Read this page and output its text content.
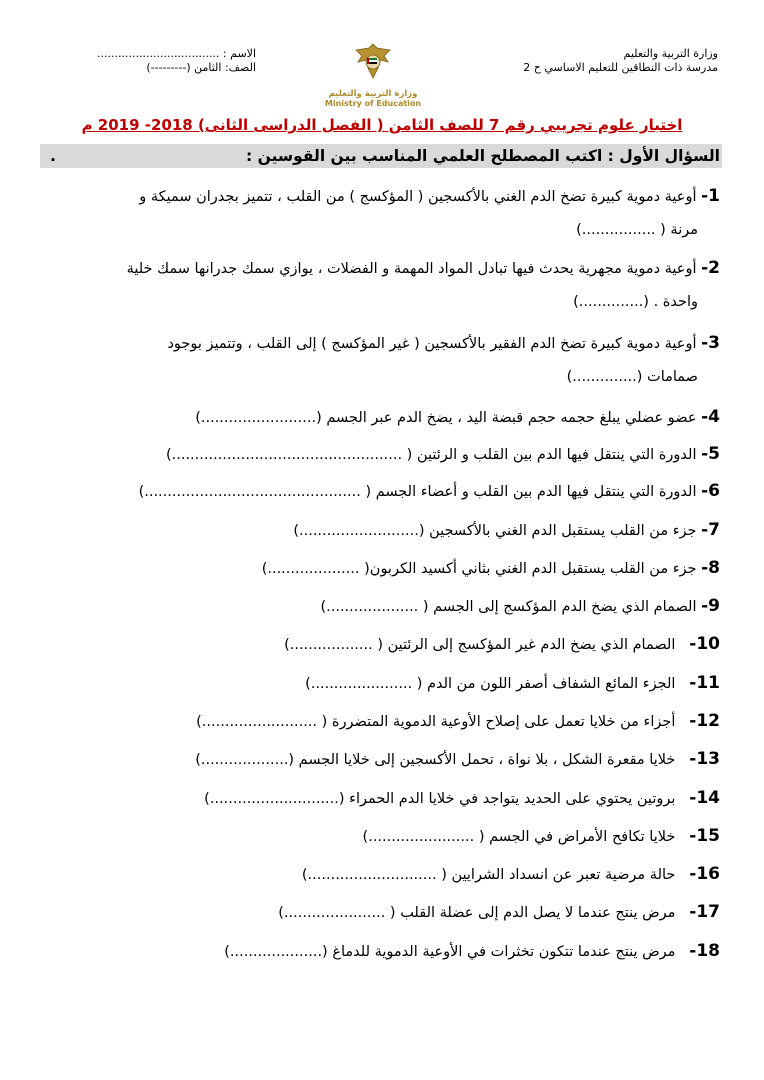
وزارة التربية والتعليم
مدرسة ذات النطاقين للتعليم الاساسي ح 2
وزارة التربية والتعليم
Ministry of Education
الاسم : ...................................
الصف: الثامن (---------)
اختبار علوم تجريبي رقم 7 للصف الثامن ( الفصل الدراسى الثانى) 2018- 2019 م
السؤال الأول : اكتب المصطلح العلمي المناسب بين القوسين :
.
1- أوعية دموية كبيرة تضخ الدم الغني بالأكسجين ( المؤكسج ) من القلب ، تتميز بجدران سميكة و
مرنة ( ................)
2- أوعية دموية مجهرية يحدث فيها تبادل المواد المهمة و الفضلات ، يوازي سمك جدرانها سمك خلية
واحدة . (..............)
3- أوعية دموية كبيرة تضخ الدم الفقير بالأكسجين ( غير المؤكسج ) إلى القلب ، وتتميز بوجود
صمامات (..............)
4- عضو عضلي يبلغ حجمه حجم قبضة اليد ، يضخ الدم عبر الجسم (.........................)
5- الدورة التي ينتقل فيها الدم بين القلب و الرئتين ( ..................................................)
6- الدورة التي ينتقل فيها الدم بين القلب و أعضاء الجسم ( ...............................................)
7- جزء من القلب يستقبل الدم الغني بالأكسجين (..........................)
8- جزء من القلب يستقبل الدم الغني بثاني أكسيد الكربون( ....................)
9- الصمام الذي يضخ الدم المؤكسج إلى الجسم ( ....................)
10- الصمام الذي يضخ الدم غير المؤكسج إلى الرئتين ( ..................)
11- الجزء المائع الشفاف أصفر اللون من الدم ( ......................)
12- أجزاء من خلايا تعمل على إصلاح الأوعية الدموية المتضررة ( .........................)
13- خلايا مقعرة الشكل ، بلا نواة ، تحمل الأكسجين إلى خلايا الجسم (...................)
14- بروتين يحتوي على الحديد يتواجد في خلايا الدم الحمراء (............................)
15- خلايا تكافح الأمراض في الجسم ( .......................)
16- حالة مرضية تعبر عن انسداد الشرايين ( ............................)
17- مرض ينتج عندما لا يصل الدم إلى عضلة القلب ( ......................)
18- مرض ينتج عندما تتكون تخثرات في الأوعية الدموية للدماغ (....................)
